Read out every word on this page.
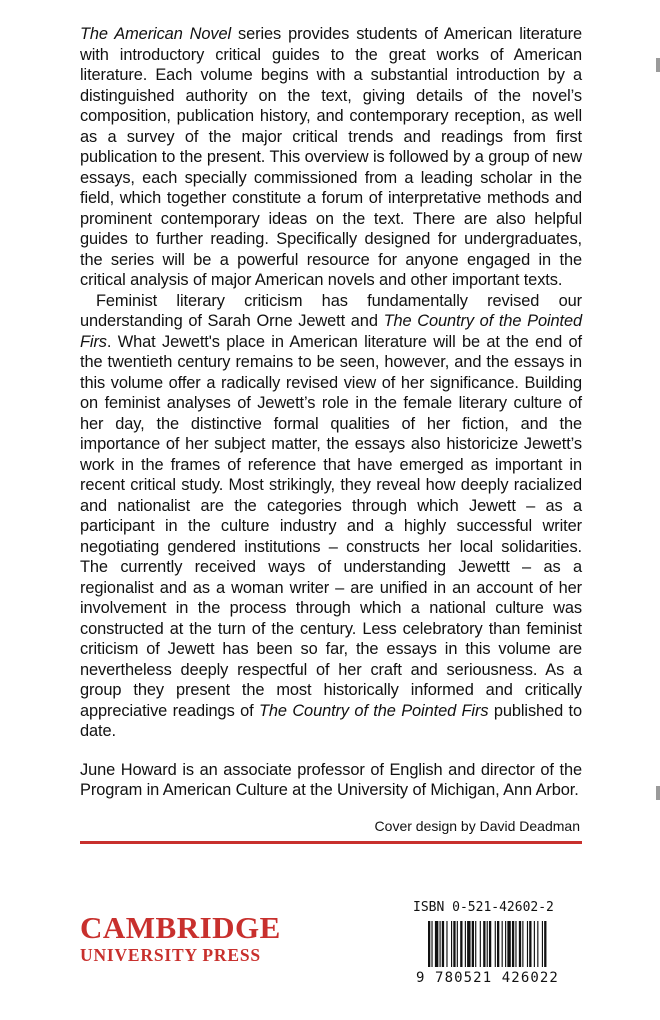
The American Novel series provides students of American literature with introductory critical guides to the great works of American literature. Each volume begins with a substantial introduction by a distinguished authority on the text, giving details of the novel’s composition, publication history, and contemporary reception, as well as a survey of the major critical trends and readings from first publication to the present. This overview is followed by a group of new essays, each specially commissioned from a leading scholar in the field, which together constitute a forum of interpretative methods and prominent contemporary ideas on the text. There are also helpful guides to further reading. Specifically designed for undergraduates, the series will be a powerful resource for anyone engaged in the critical analysis of major American novels and other important texts.

Feminist literary criticism has fundamentally revised our understanding of Sarah Orne Jewett and The Country of the Pointed Firs. What Jewett's place in American literature will be at the end of the twentieth century remains to be seen, however, and the essays in this volume offer a radically revised view of her significance. Building on feminist analyses of Jewett’s role in the female literary culture of her day, the distinctive formal qualities of her fiction, and the importance of her subject matter, the essays also historicize Jewett’s work in the frames of reference that have emerged as important in recent critical study. Most strikingly, they reveal how deeply racialized and nationalist are the categories through which Jewett – as a participant in the culture industry and a highly successful writer negotiating gendered institutions – constructs her local solidarities. The currently received ways of understanding Jewettt – as a regionalist and as a woman writer – are unified in an account of her involvement in the process through which a national culture was constructed at the turn of the century. Less celebratory than feminist criticism of Jewett has been so far, the essays in this volume are nevertheless deeply respectful of her craft and seriousness. As a group they present the most historically informed and critically appreciative readings of The Country of the Pointed Firs published to date.

June Howard is an associate professor of English and director of the Program in American Culture at the University of Michigan, Ann Arbor.

Cover design by David Deadman
CAMBRIDGE
UNIVERSITY PRESS
ISBN 0-521-42602-2
9 780521 426022
